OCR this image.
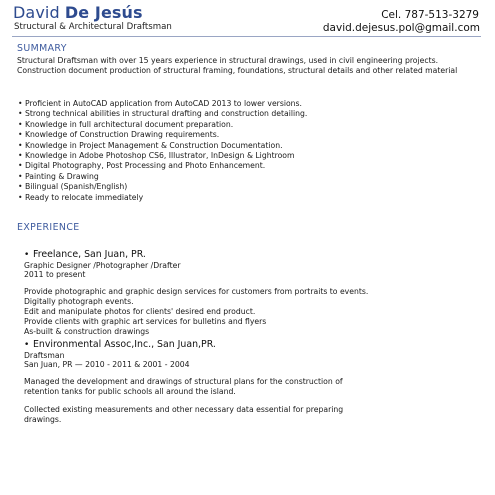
David De Jesús
Structural & Architectural Draftsman
Cel. 787-513-3279
david.dejesus.pol@gmail.com
SUMMARY
Structural Draftsman with over 15 years experience in structural drawings, used in civil engineering projects. Construction document production of structural framing, foundations, structural details and other related material
• Proficient in AutoCAD application from AutoCAD 2013 to lower versions.
• Strong technical abilities in structural drafting and construction detailing.
• Knowledge in full architectural document preparation.
• Knowledge of Construction Drawing requirements.
• Knowledge in Project Management & Construction Documentation.
• Knowledge in Adobe Photoshop CS6, Illustrator, InDesign & Lightroom
• Digital Photography, Post Processing and Photo Enhancement.
• Painting & Drawing
• Bilingual (Spanish/English)
• Ready to relocate immediately
EXPERIENCE
• Freelance, San Juan, PR.
Graphic Designer /Photographer /Drafter
2011 to present
Provide photographic and graphic design services for customers from portraits to events.
Digitally photograph events.
Edit and manipulate photos for clients' desired end product.
Provide clients with graphic art services for bulletins and flyers
As-built & construction drawings
• Environmental Assoc,Inc., San Juan,PR.
Draftsman
San Juan, PR — 2010 - 2011 & 2001 - 2004
Managed the development and drawings of structural plans for the construction of
retention tanks for public schools all around the island.
Collected existing measurements and other necessary data essential for preparing
drawings.
